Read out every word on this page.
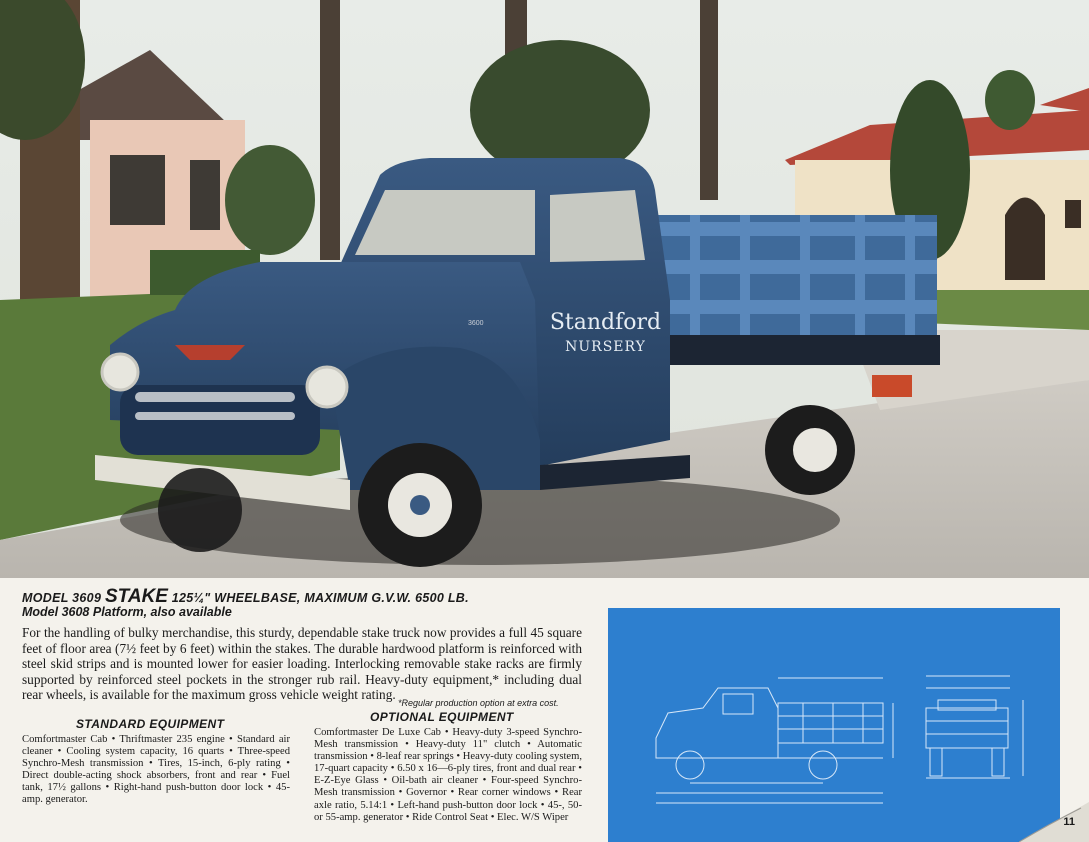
Standford
NURSERY
3600
MODEL 3609 STAKE 125¼" WHEELBASE, MAXIMUM G.V.W. 6500 LB.
Model 3608 Platform, also available
For the handling of bulky merchandise, this sturdy, dependable stake truck now provides a full 45 square feet of floor area (7½ feet by 6 feet) within the stakes. The durable hardwood platform is reinforced with steel skid strips and is mounted lower for easier loading. Interlocking removable stake racks are firmly supported by reinforced steel pockets in the stronger rub rail. Heavy-duty equipment,* including dual rear wheels, is available for the maximum gross vehicle weight rating.
*Regular production option at extra cost.
STANDARD EQUIPMENT
Comfortmaster Cab • Thriftmaster 235 engine • Standard air cleaner • Cooling system capacity, 16 quarts • Three-speed Synchro-Mesh transmission • Tires, 15-inch, 6-ply rating • Direct double-acting shock absorbers, front and rear • Fuel tank, 17½ gallons • Right-hand push-button door lock • 45-amp. generator.
OPTIONAL EQUIPMENT
Comfortmaster De Luxe Cab • Heavy-duty 3-speed Synchro-Mesh transmission • Heavy-duty 11" clutch • Automatic transmission • 8-leaf rear springs • Heavy-duty cooling system, 17-quart capacity • 6.50 x 16—6-ply tires, front and dual rear • E-Z-Eye Glass • Oil-bath air cleaner • Four-speed Synchro-Mesh transmission • Governor • Rear corner windows • Rear axle ratio, 5.14:1 • Left-hand push-button door lock • 45-, 50- or 55-amp. generator • Ride Control Seat • Elec. W/S Wiper	11
